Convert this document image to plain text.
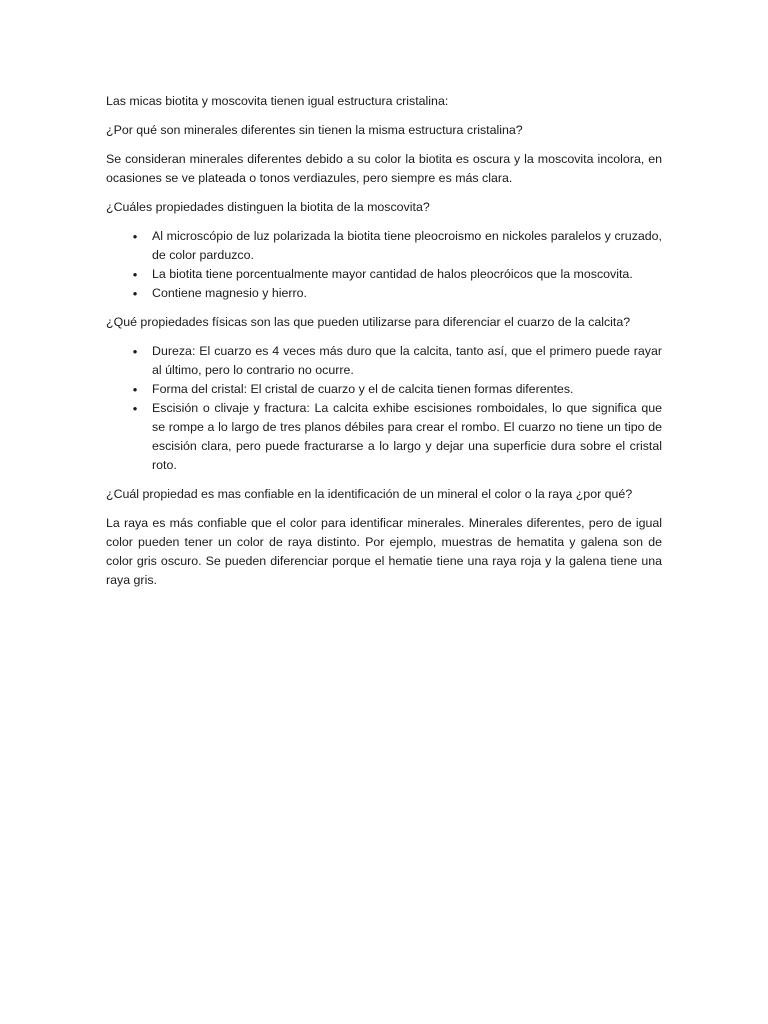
Las micas biotita y moscovita tienen igual estructura cristalina:

¿Por qué son minerales diferentes sin tienen la misma estructura cristalina?

Se consideran minerales diferentes debido a su color la biotita es oscura y la moscovita incolora, en ocasiones se ve plateada o tonos verdiazules, pero siempre es más clara.

¿Cuáles propiedades distinguen la biotita de la moscovita?

• Al microscópio de luz polarizada la biotita tiene pleocroismo en nickoles paralelos y cruzado, de color parduzco.
• La biotita tiene porcentualmente mayor cantidad de halos pleocróicos que la moscovita.
• Contiene magnesio y hierro.

¿Qué propiedades físicas son las que pueden utilizarse para diferenciar el cuarzo de la calcita?

• Dureza: El cuarzo es 4 veces más duro que la calcita, tanto así, que el primero puede rayar al último, pero lo contrario no ocurre.
• Forma del cristal: El cristal de cuarzo y el de calcita tienen formas diferentes.
• Escisión o clivaje y fractura: La calcita exhibe escisiones romboidales, lo que significa que se rompe a lo largo de tres planos débiles para crear el rombo. El cuarzo no tiene un tipo de escisión clara, pero puede fracturarse a lo largo y dejar una superficie dura sobre el cristal roto.

¿Cuál propiedad es mas confiable en la identificación de un mineral el color o la raya ¿por qué?

La raya es más confiable que el color para identificar minerales. Minerales diferentes, pero de igual color pueden tener un color de raya distinto. Por ejemplo, muestras de hematita y galena son de color gris oscuro. Se pueden diferenciar porque el hematie tiene una raya roja y la galena tiene una raya gris.
